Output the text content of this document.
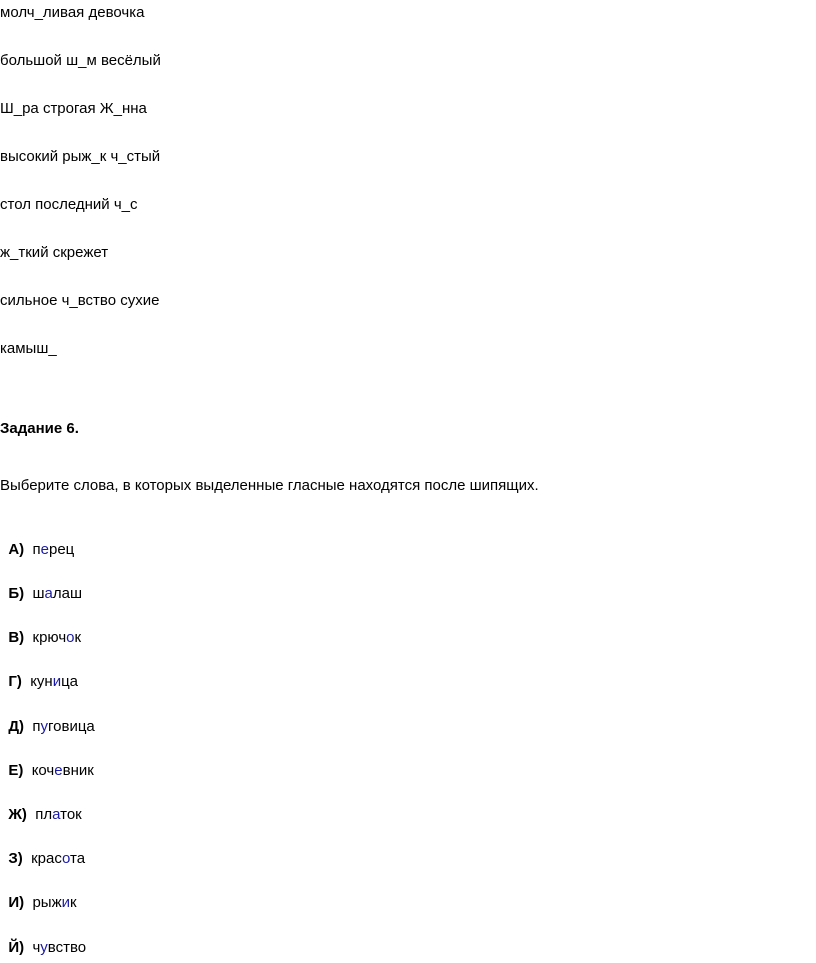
молч_ливая девочка
большой ш_м весёлый
Ш_ра строгая Ж_нна
высокий рыж_к ч_стый
стол последний ч_с
ж_ткий скрежет
сильное ч_вство сухие
камыш_
Задание 6.
Выберите слова, в которых выделенные гласные находятся после шипящих.

А) перец

Б) шалаш

В) крючок

Г) куница

Д) пуговица

Е) кочевник

Ж) платок

З) красота

И) рыжик

Й) чувство
